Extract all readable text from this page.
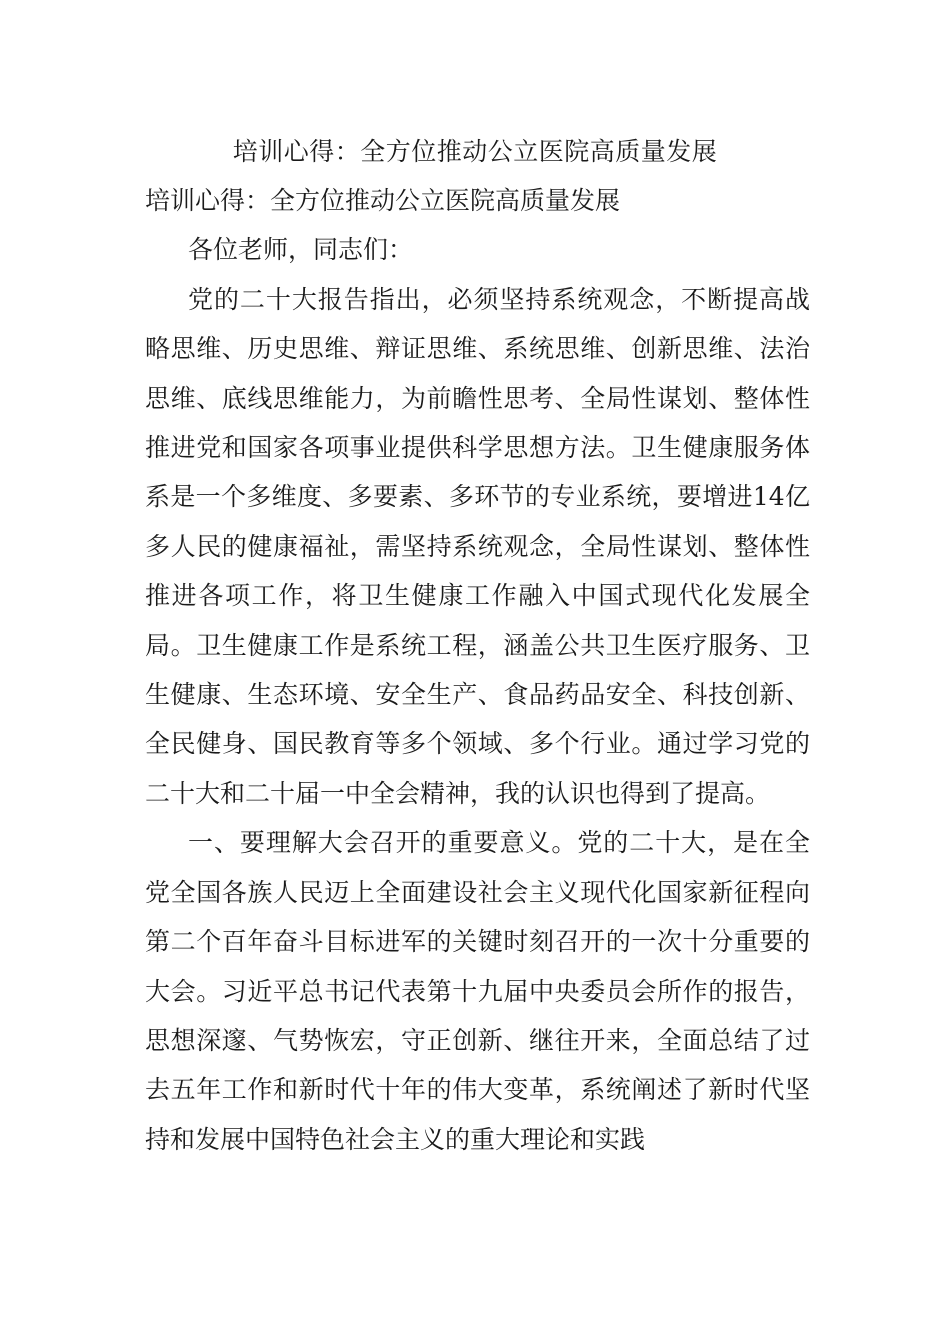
培训心得：全方位推动公立医院高质量发展

培训心得：全方位推动公立医院高质量发展

各位老师，同志们：

党的二十大报告指出，必须坚持系统观念，不断提高战略思维、历史思维、辩证思维、系统思维、创新思维、法治思维、底线思维能力，为前瞻性思考、全局性谋划、整体性推进党和国家各项事业提供科学思想方法。卫生健康服务体系是一个多维度、多要素、多环节的专业系统，要增进14亿多人民的健康福祉，需坚持系统观念，全局性谋划、整体性推进各项工作，将卫生健康工作融入中国式现代化发展全局。卫生健康工作是系统工程，涵盖公共卫生医疗服务、卫生健康、生态环境、安全生产、食品药品安全、科技创新、全民健身、国民教育等多个领域、多个行业。通过学习党的二十大和二十届一中全会精神，我的认识也得到了提高。

一、要理解大会召开的重要意义。党的二十大，是在全党全国各族人民迈上全面建设社会主义现代化国家新征程向第二个百年奋斗目标进军的关键时刻召开的一次十分重要的大会。习近平总书记代表第十九届中央委员会所作的报告，思想深邃、气势恢宏，守正创新、继往开来，全面总结了过去五年工作和新时代十年的伟大变革，系统阐述了新时代坚持和发展中国特色社会主义的重大理论和实践
